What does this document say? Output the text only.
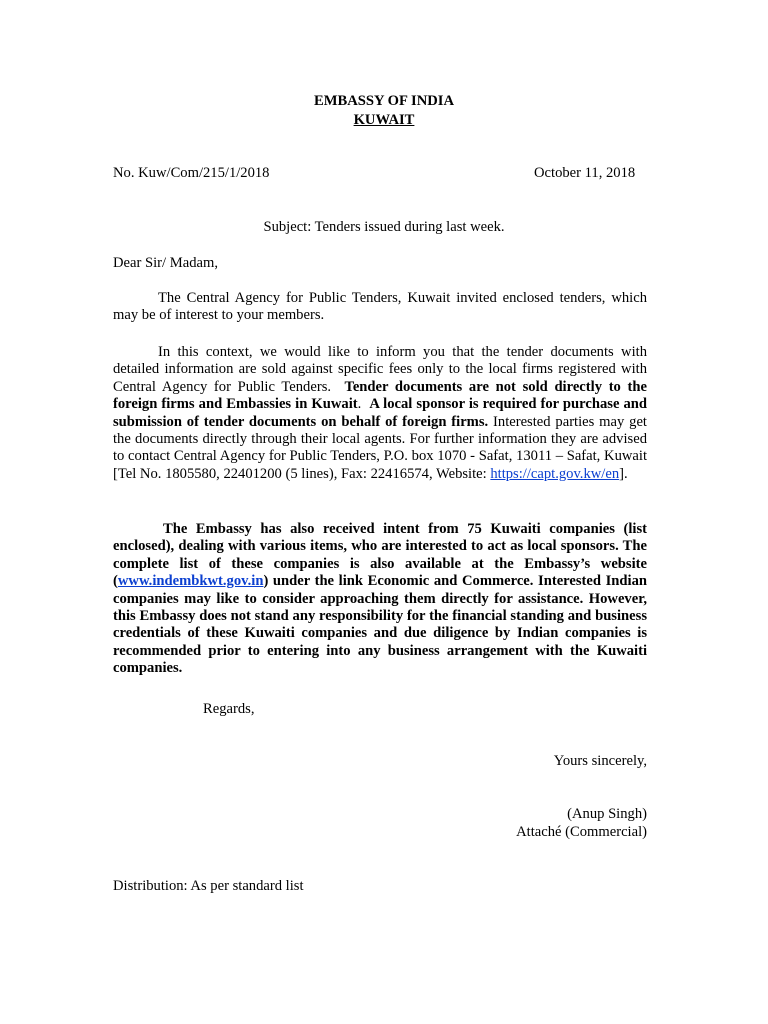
EMBASSY OF INDIA
KUWAIT
No. Kuw/Com/215/1/2018	October 11, 2018
Subject: Tenders issued during last week.
Dear Sir/ Madam,

The Central Agency for Public Tenders, Kuwait invited enclosed tenders, which may be of interest to your members.

In this context, we would like to inform you that the tender documents with detailed information are sold against specific fees only to the local firms registered with Central Agency for Public Tenders. Tender documents are not sold directly to the foreign firms and Embassies in Kuwait. A local sponsor is required for purchase and submission of tender documents on behalf of foreign firms. Interested parties may get the documents directly through their local agents. For further information they are advised to contact Central Agency for Public Tenders, P.O. box 1070 - Safat, 13011 – Safat, Kuwait [Tel No. 1805580, 22401200 (5 lines), Fax: 22416574, Website: https://capt.gov.kw/en].

The Embassy has also received intent from 75 Kuwaiti companies (list enclosed), dealing with various items, who are interested to act as local sponsors. The complete list of these companies is also available at the Embassy’s website (www.indembkwt.gov.in) under the link Economic and Commerce. Interested Indian companies may like to consider approaching them directly for assistance. However, this Embassy does not stand any responsibility for the financial standing and business credentials of these Kuwaiti companies and due diligence by Indian companies is recommended prior to entering into any business arrangement with the Kuwaiti companies.

Regards,
Yours sincerely,
(Anup Singh)
Attaché (Commercial)
Distribution: As per standard list
